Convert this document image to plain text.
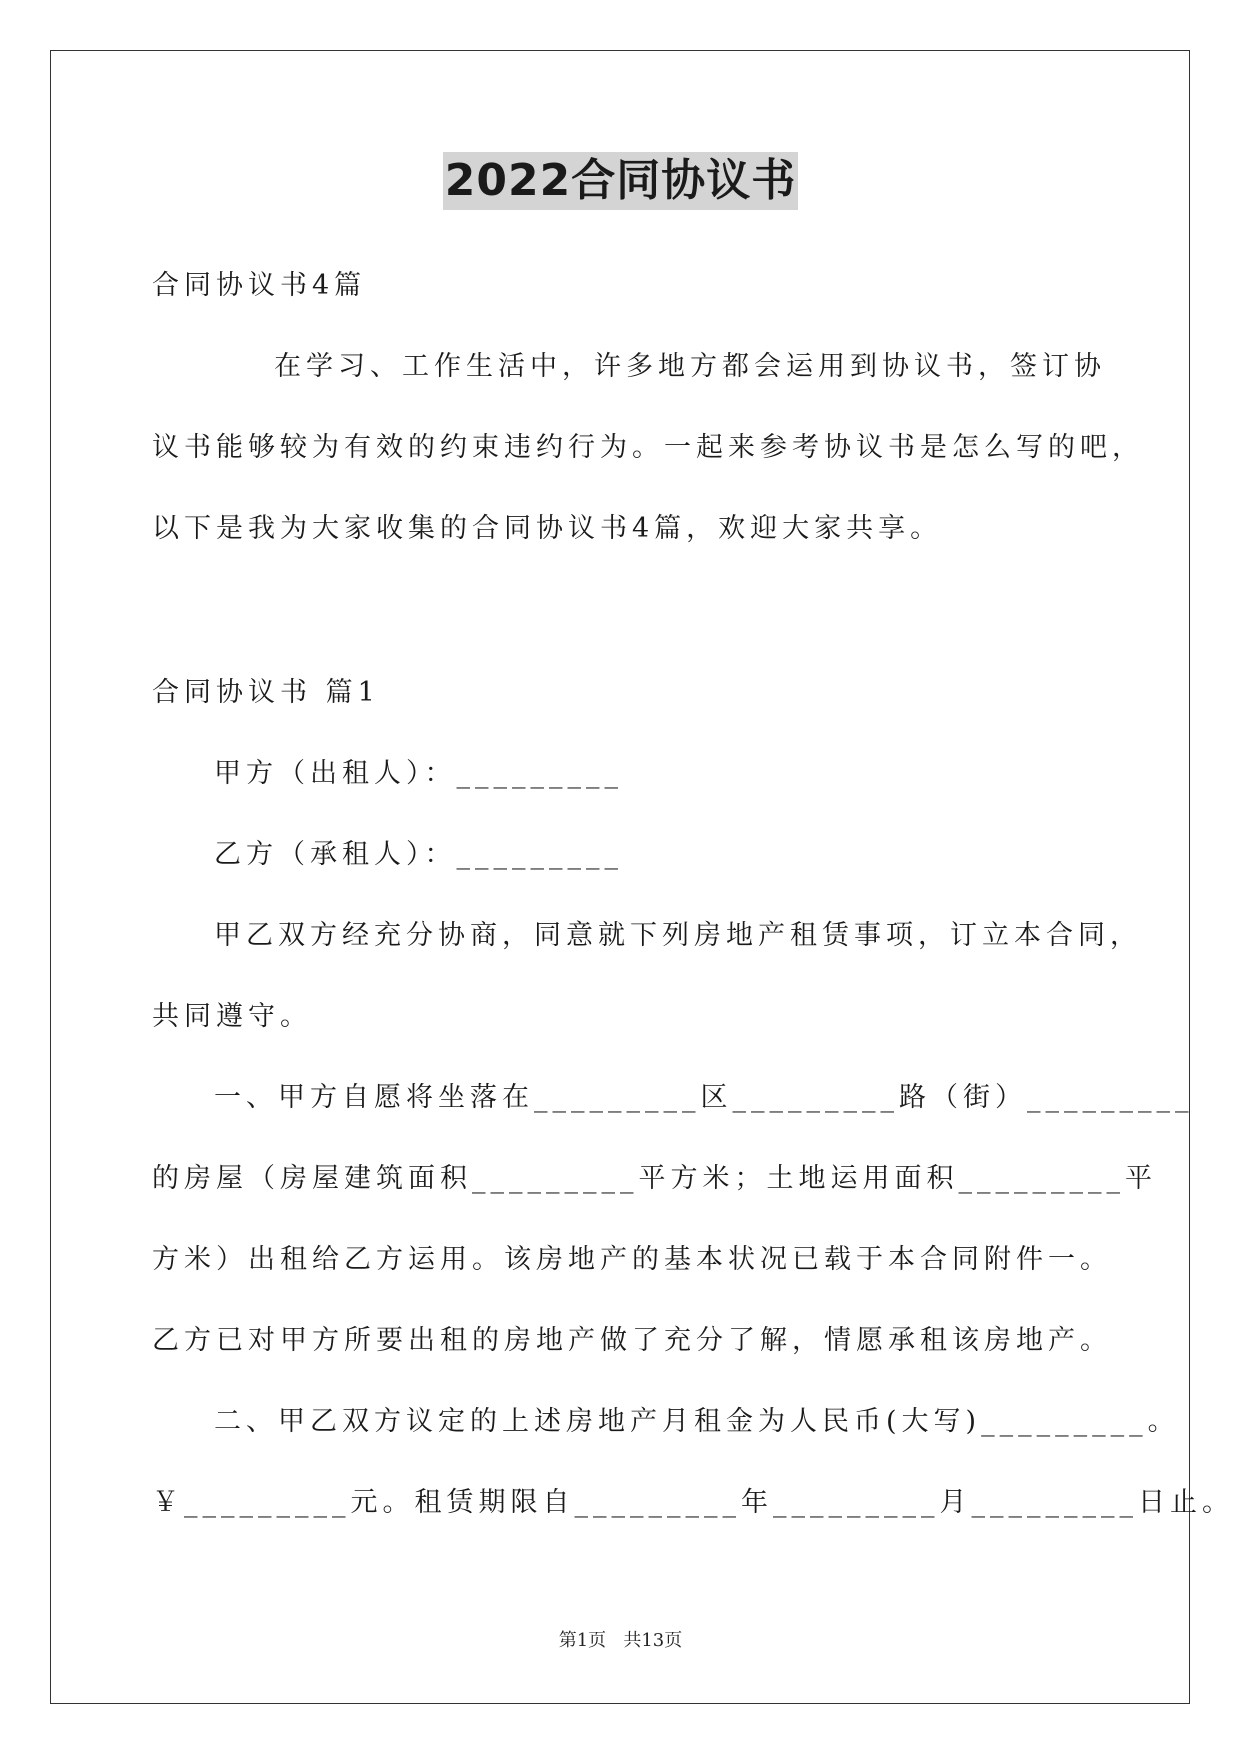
2022合同协议书
合同协议书4篇
在学习、工作生活中，许多地方都会运用到协议书，签订协
议书能够较为有效的约束违约行为。一起来参考协议书是怎么写的吧，
以下是我为大家收集的合同协议书4篇，欢迎大家共享。
合同协议书 篇1
甲方（出租人）：_________
乙方（承租人）：_________
甲乙双方经充分协商，同意就下列房地产租赁事项，订立本合同，
共同遵守。
一、甲方自愿将坐落在_________区_________路（街）_________
的房屋（房屋建筑面积_________平方米；土地运用面积_________平
方米）出租给乙方运用。该房地产的基本状况已载于本合同附件一。
乙方已对甲方所要出租的房地产做了充分了解，情愿承租该房地产。
二、甲乙双方议定的上述房地产月租金为人民币(大写)_________。
￥_________元。租赁期限自_________年_________月_________日止。
第1页   共13页
